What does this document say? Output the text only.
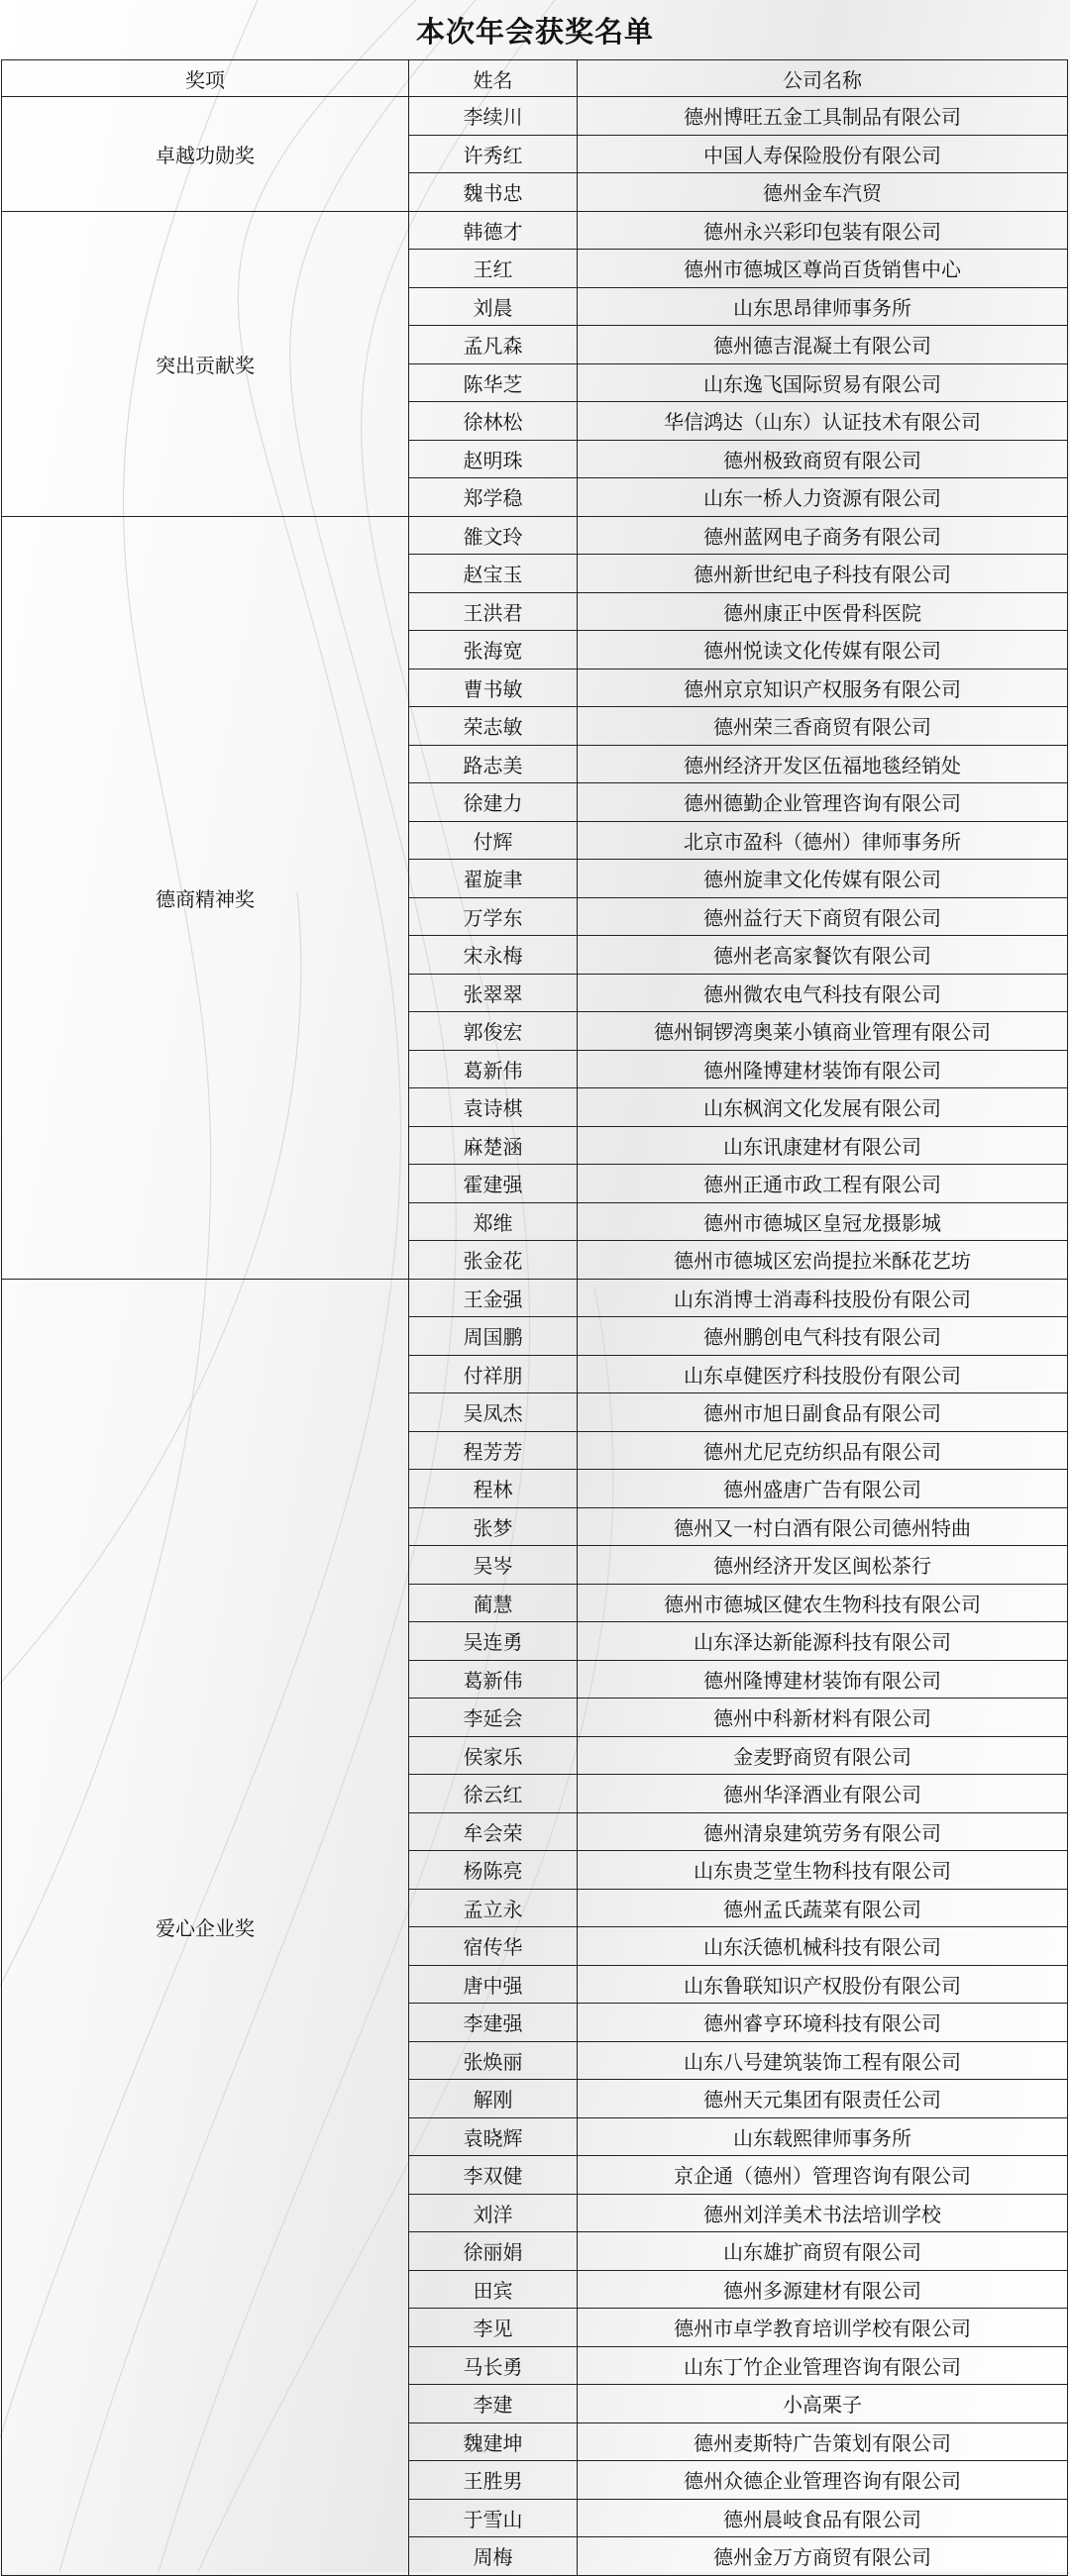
本次年会获奖名单
奖项	姓名	公司名称
卓越功勋奖	李续川	德州博旺五金工具制品有限公司
	许秀红	中国人寿保险股份有限公司
	魏书忠	德州金车汽贸
突出贡献奖	韩德才	德州永兴彩印包装有限公司
	王红	德州市德城区尊尚百货销售中心
	刘晨	山东思昂律师事务所
	孟凡森	德州德吉混凝土有限公司
	陈华芝	山东逸飞国际贸易有限公司
	徐林松	华信鸿达（山东）认证技术有限公司
	赵明珠	德州极致商贸有限公司
	郑学稳	山东一桥人力资源有限公司
德商精神奖	雒文玲	德州蓝网电子商务有限公司
	赵宝玉	德州新世纪电子科技有限公司
	王洪君	德州康正中医骨科医院
	张海宽	德州悦读文化传媒有限公司
	曹书敏	德州京京知识产权服务有限公司
	荣志敏	德州荣三香商贸有限公司
	路志美	德州经济开发区伍福地毯经销处
	徐建力	德州德勤企业管理咨询有限公司
	付辉	北京市盈科（德州）律师事务所
	翟旋聿	德州旋聿文化传媒有限公司
	万学东	德州益行天下商贸有限公司
	宋永梅	德州老高家餐饮有限公司
	张翠翠	德州微农电气科技有限公司
	郭俊宏	德州铜锣湾奥莱小镇商业管理有限公司
	葛新伟	德州隆博建材装饰有限公司
	袁诗棋	山东枫润文化发展有限公司
	麻楚涵	山东讯康建材有限公司
	霍建强	德州正通市政工程有限公司
	郑维	德州市德城区皇冠龙摄影城
	张金花	德州市德城区宏尚提拉米酥花艺坊
爱心企业奖	王金强	山东消博士消毒科技股份有限公司
	周国鹏	德州鹏创电气科技有限公司
	付祥朋	山东卓健医疗科技股份有限公司
	吴凤杰	德州市旭日副食品有限公司
	程芳芳	德州尤尼克纺织品有限公司
	程林	德州盛唐广告有限公司
	张梦	德州又一村白酒有限公司德州特曲
	吴岑	德州经济开发区闽松茶行
	蔺慧	德州市德城区健农生物科技有限公司
	吴连勇	山东泽达新能源科技有限公司
	葛新伟	德州隆博建材装饰有限公司
	李延会	德州中科新材料有限公司
	侯家乐	金麦野商贸有限公司
	徐云红	德州华泽酒业有限公司
	牟会荣	德州清泉建筑劳务有限公司
	杨陈亮	山东贵芝堂生物科技有限公司
	孟立永	德州孟氏蔬菜有限公司
	宿传华	山东沃德机械科技有限公司
	唐中强	山东鲁联知识产权股份有限公司
	李建强	德州睿亨环境科技有限公司
	张焕丽	山东八号建筑装饰工程有限公司
	解刚	德州天元集团有限责任公司
	袁晓辉	山东载熙律师事务所
	李双健	京企通（德州）管理咨询有限公司
	刘洋	德州刘洋美术书法培训学校
	徐丽娟	山东雄扩商贸有限公司
	田宾	德州多源建材有限公司
	李见	德州市卓学教育培训学校有限公司
	马长勇	山东丁竹企业管理咨询有限公司
	李建	小高栗子
	魏建坤	德州麦斯特广告策划有限公司
	王胜男	德州众德企业管理咨询有限公司
	于雪山	德州晨岐食品有限公司
	周梅	德州金万方商贸有限公司
